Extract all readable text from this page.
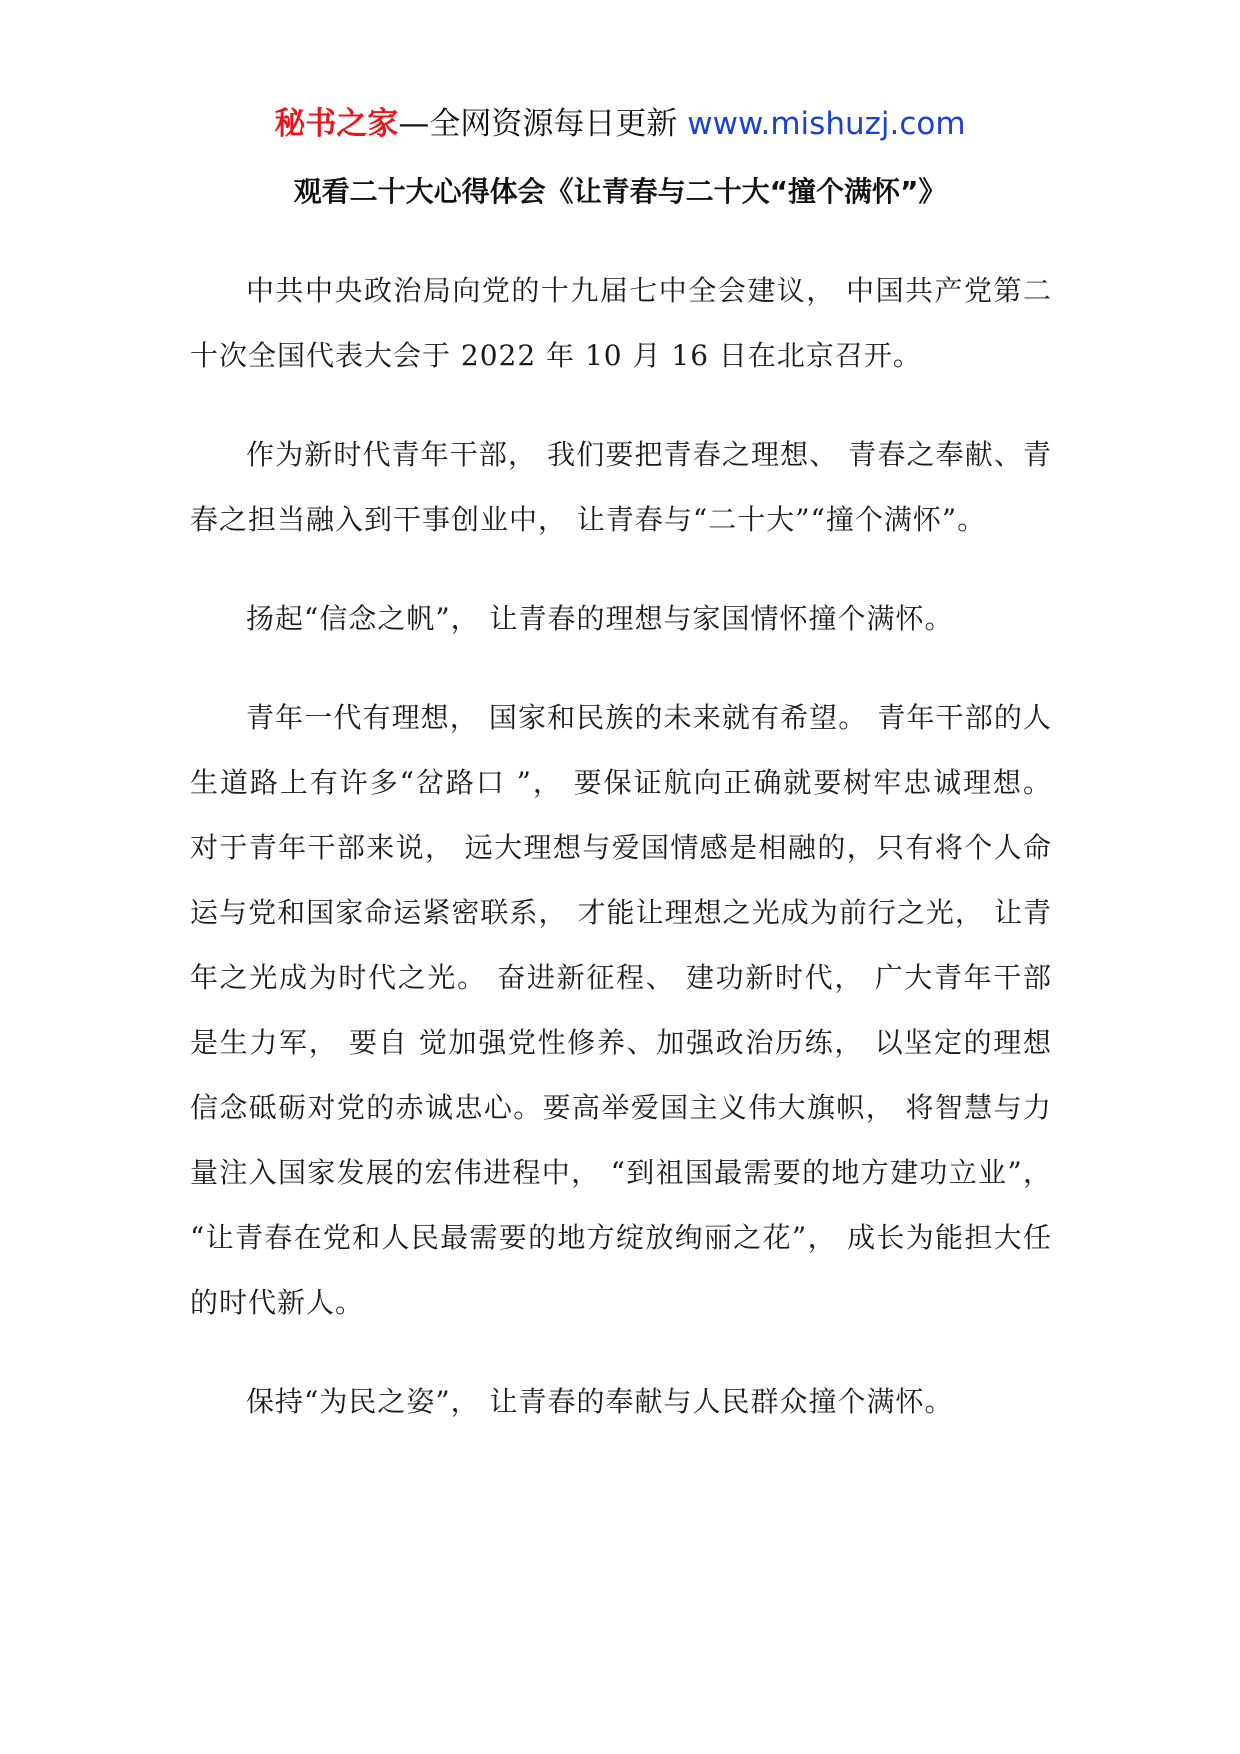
秘书之家—全网资源每日更新 www.mishuzj.com
观看二十大心得体会《让青春与二十大“撞个满怀”》

中共中央政治局向党的十九届七中全会建议， 中国共产党第二十次全国代表大会于 2022 年 10 月 16 日在北京召开。

作为新时代青年干部， 我们要把青春之理想、 青春之奉献、青春之担当融入到干事创业中， 让青春与“二十大”“撞个满怀”。

扬起“信念之帆”， 让青春的理想与家国情怀撞个满怀。

青年一代有理想， 国家和民族的未来就有希望。 青年干部的人生道路上有许多“岔路口 ”， 要保证航向正确就要树牢忠诚理想。 对于青年干部来说， 远大理想与爱国情感是相融的，只有将个人命运与党和国家命运紧密联系， 才能让理想之光成为前行之光， 让青年之光成为时代之光。 奋进新征程、 建功新时代， 广大青年干部是生力军， 要自 觉加强党性修养、加强政治历练， 以坚定的理想信念砥砺对党的赤诚忠心。要高举爱国主义伟大旗帜， 将智慧与力量注入国家发展的宏伟进程中， “到祖国最需要的地方建功立业”， “让青春在党和人民最需要的地方绽放绚丽之花”， 成长为能担大任的时代新人。

保持“为民之姿”， 让青春的奉献与人民群众撞个满怀。
